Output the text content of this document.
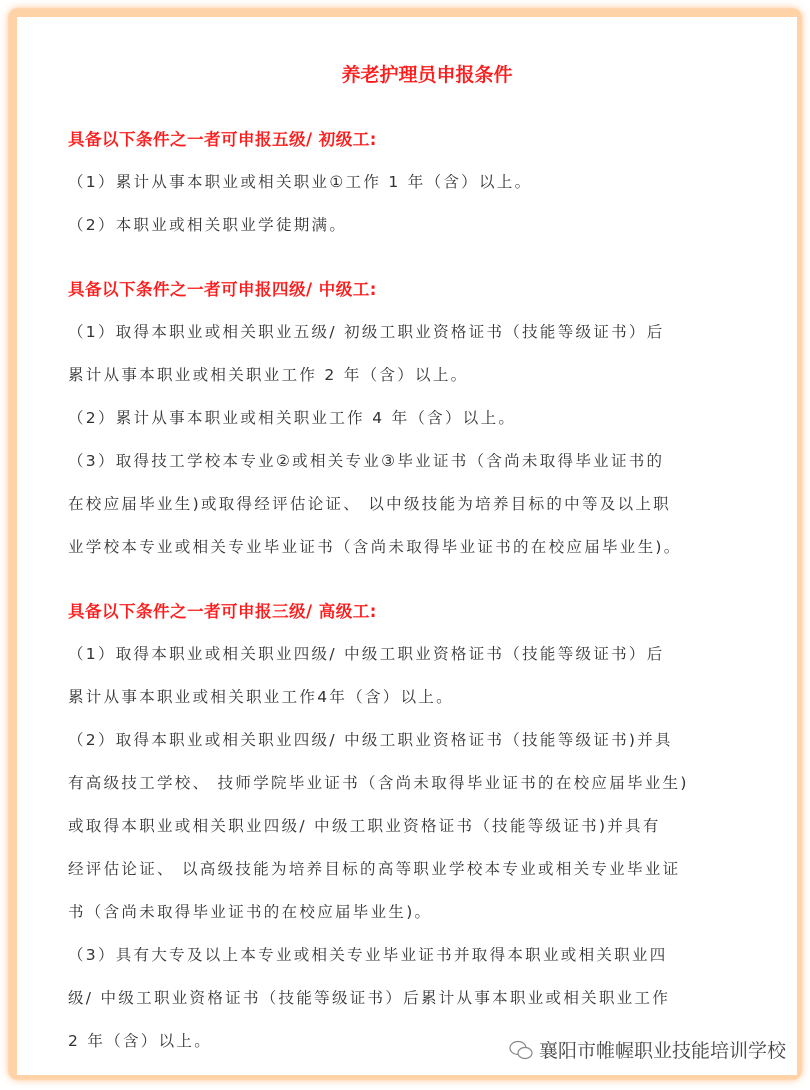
养老护理员申报条件
具备以下条件之一者可申报五级/ 初级工:
（1）累计从事本职业或相关职业①工作 1 年（含）以上。
（2）本职业或相关职业学徒期满。
具备以下条件之一者可申报四级/ 中级工:
（1）取得本职业或相关职业五级/ 初级工职业资格证书（技能等级证书）后
累计从事本职业或相关职业工作 2 年（含）以上。
（2）累计从事本职业或相关职业工作 4 年（含）以上。
（3）取得技工学校本专业②或相关专业③毕业证书（含尚未取得毕业证书的
在校应届毕业生)或取得经评估论证、 以中级技能为培养目标的中等及以上职
业学校本专业或相关专业毕业证书（含尚未取得毕业证书的在校应届毕业生)。
具备以下条件之一者可申报三级/ 高级工:
（1）取得本职业或相关职业四级/ 中级工职业资格证书（技能等级证书）后
累计从事本职业或相关职业工作4年（含）以上。
（2）取得本职业或相关职业四级/ 中级工职业资格证书（技能等级证书)并具
有高级技工学校、 技师学院毕业证书（含尚未取得毕业证书的在校应届毕业生)
或取得本职业或相关职业四级/ 中级工职业资格证书（技能等级证书)并具有
经评估论证、 以高级技能为培养目标的高等职业学校本专业或相关专业毕业证
书（含尚未取得毕业证书的在校应届毕业生)。
（3）具有大专及以上本专业或相关专业毕业证书并取得本职业或相关职业四
级/ 中级工职业资格证书（技能等级证书）后累计从事本职业或相关职业工作
2 年（含）以上。	襄阳市帷幄职业技能培训学校
